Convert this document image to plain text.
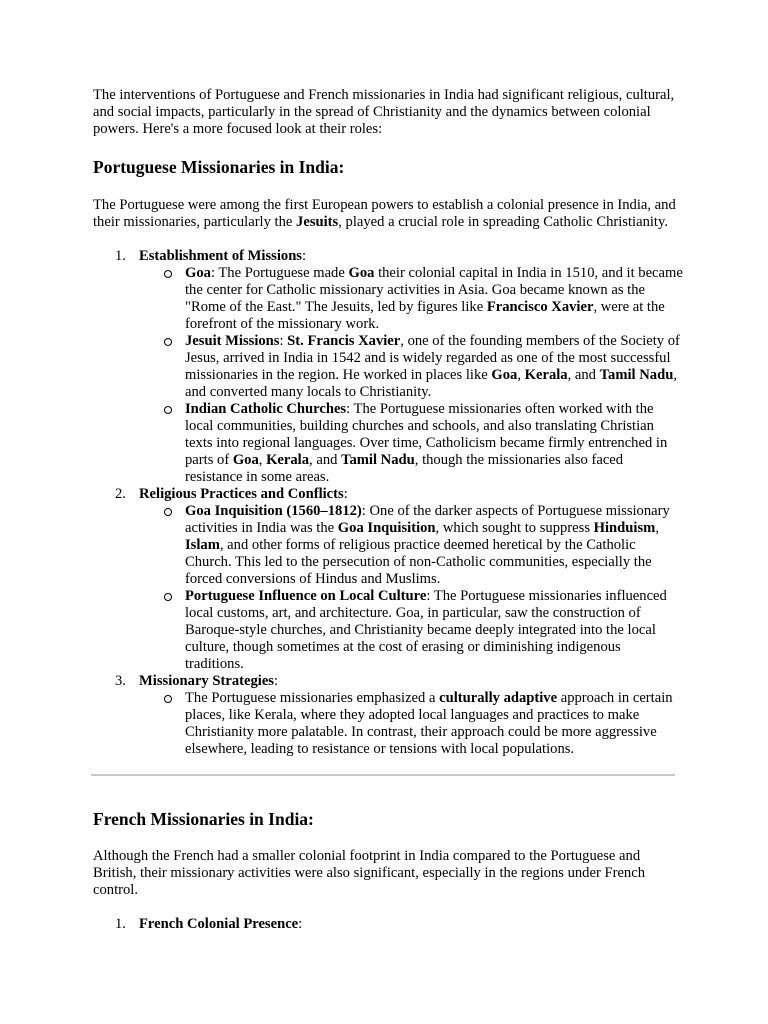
The interventions of Portuguese and French missionaries in India had significant religious, cultural, and social impacts, particularly in the spread of Christianity and the dynamics between colonial powers. Here's a more focused look at their roles:

Portuguese Missionaries in India:

The Portuguese were among the first European powers to establish a colonial presence in India, and their missionaries, particularly the Jesuits, played a crucial role in spreading Catholic Christianity.

1. Establishment of Missions:
Goa: The Portuguese made Goa their colonial capital in India in 1510, and it became the center for Catholic missionary activities in Asia. Goa became known as the "Rome of the East." The Jesuits, led by figures like Francisco Xavier, were at the forefront of the missionary work.
Jesuit Missions: St. Francis Xavier, one of the founding members of the Society of Jesus, arrived in India in 1542 and is widely regarded as one of the most successful missionaries in the region. He worked in places like Goa, Kerala, and Tamil Nadu, and converted many locals to Christianity.
Indian Catholic Churches: The Portuguese missionaries often worked with the local communities, building churches and schools, and also translating Christian texts into regional languages. Over time, Catholicism became firmly entrenched in parts of Goa, Kerala, and Tamil Nadu, though the missionaries also faced resistance in some areas.
2. Religious Practices and Conflicts:
Goa Inquisition (1560–1812): One of the darker aspects of Portuguese missionary activities in India was the Goa Inquisition, which sought to suppress Hinduism, Islam, and other forms of religious practice deemed heretical by the Catholic Church. This led to the persecution of non-Catholic communities, especially the forced conversions of Hindus and Muslims.
Portuguese Influence on Local Culture: The Portuguese missionaries influenced local customs, art, and architecture. Goa, in particular, saw the construction of Baroque-style churches, and Christianity became deeply integrated into the local culture, though sometimes at the cost of erasing or diminishing indigenous traditions.
3. Missionary Strategies:
The Portuguese missionaries emphasized a culturally adaptive approach in certain places, like Kerala, where they adopted local languages and practices to make Christianity more palatable. In contrast, their approach could be more aggressive elsewhere, leading to resistance or tensions with local populations.
French Missionaries in India:

Although the French had a smaller colonial footprint in India compared to the Portuguese and British, their missionary activities were also significant, especially in the regions under French control.

1. French Colonial Presence:
